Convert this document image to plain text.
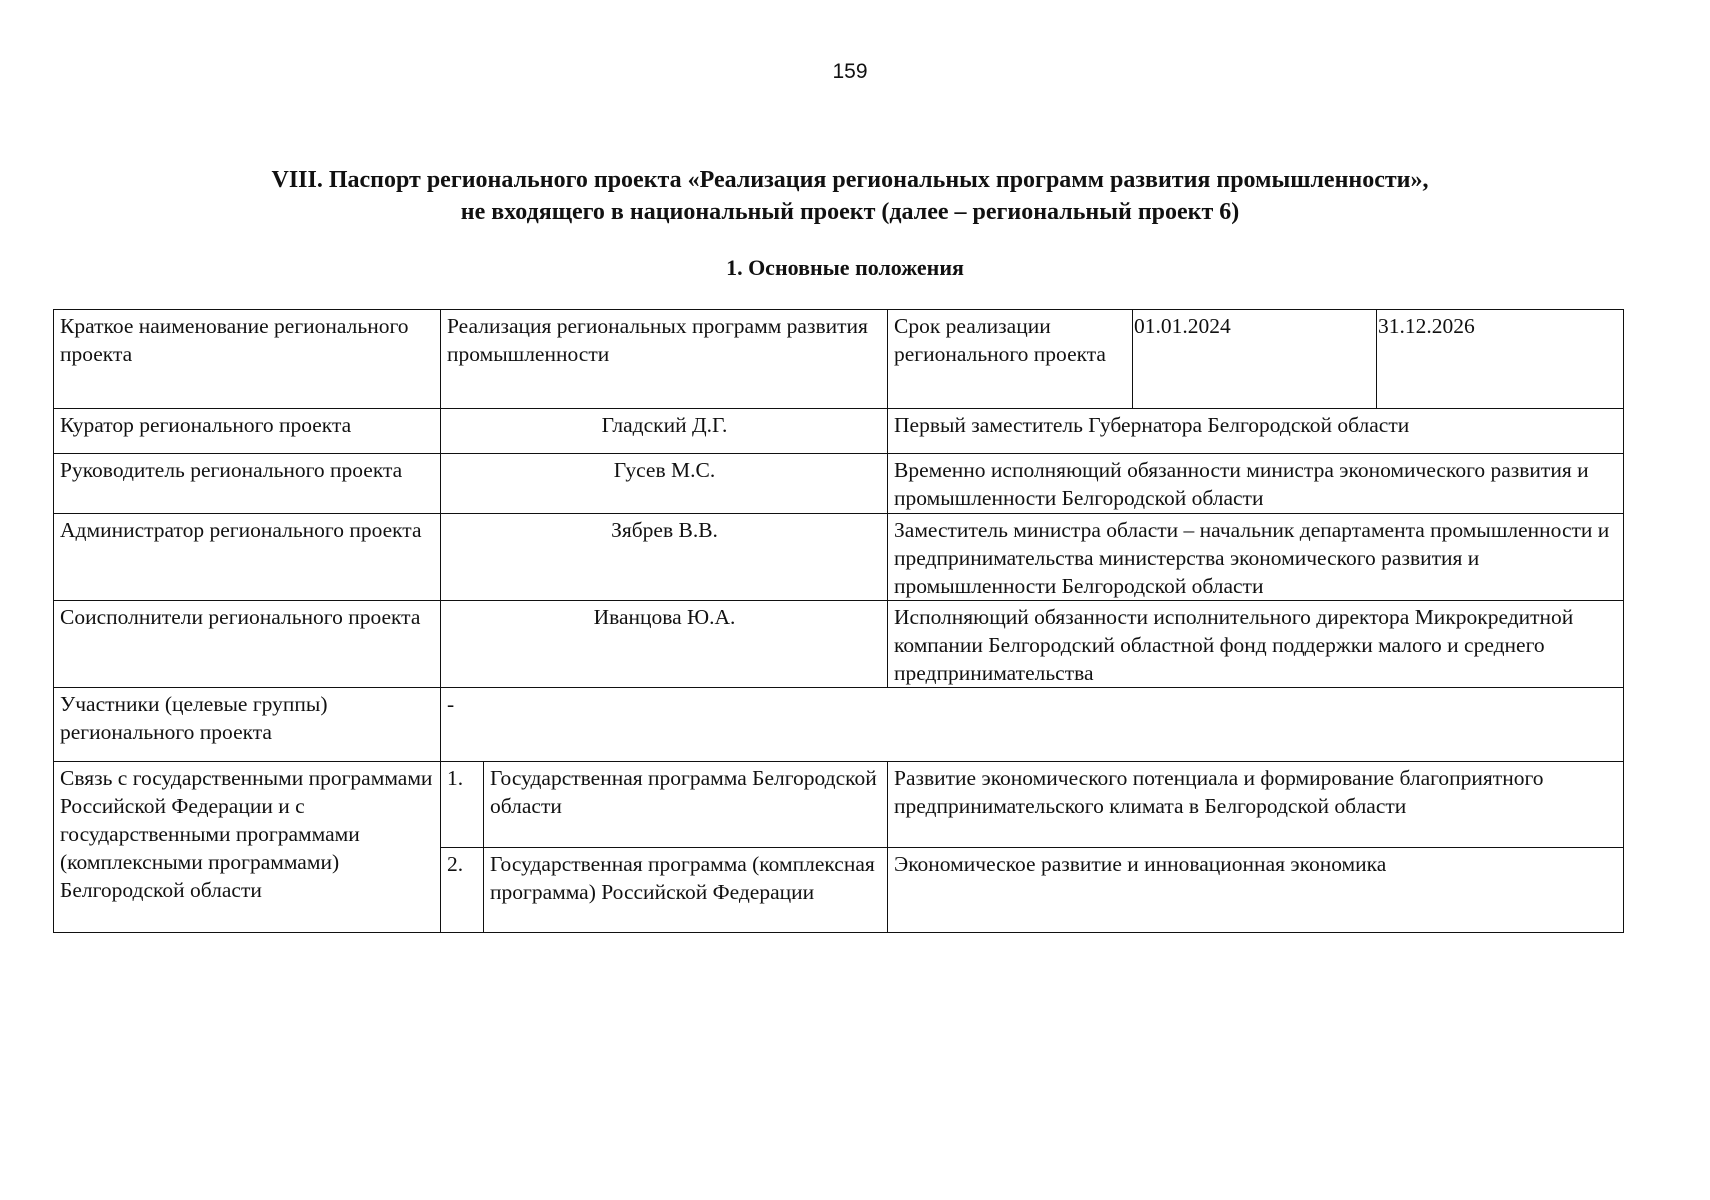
159
VIII. Паспорт регионального проекта «Реализация региональных программ развития промышленности»,
не входящего в национальный проект (далее – региональный проект 6)
1. Основные положения
Краткое наименование регионального проекта	Реализация региональных программ развития промышленности		Срок реализации регионального проекта	01.01.2024	31.12.2026
Куратор регионального проекта	Гладский Д.Г.		Первый заместитель Губернатора Белгородской области		
Руководитель регионального проекта	Гусев М.С.		Временно исполняющий обязанности министра экономического развития и промышленности Белгородской области		
Администратор регионального проекта	Зябрев В.В.		Заместитель министра области – начальник департамента промышленности и предпринимательства министерства экономического развития и промышленности Белгородской области		
Соисполнители регионального проекта	Иванцова Ю.А.		Исполняющий обязанности исполнительного директора Микрокредитной компании Белгородский областной фонд поддержки малого и среднего предпринимательства		
Участники (целевые группы) регионального проекта	-				
Связь с государственными программами Российской Федерации и с государственными программами (комплексными программами) Белгородской области	1.	Государственная программа Белгородской области	Развитие экономического потенциала и формирование благоприятного предпринимательского климата в Белгородской области		
	2.	Государственная программа (комплексная программа) Российской Федерации	Экономическое развитие и инновационная экономика		
